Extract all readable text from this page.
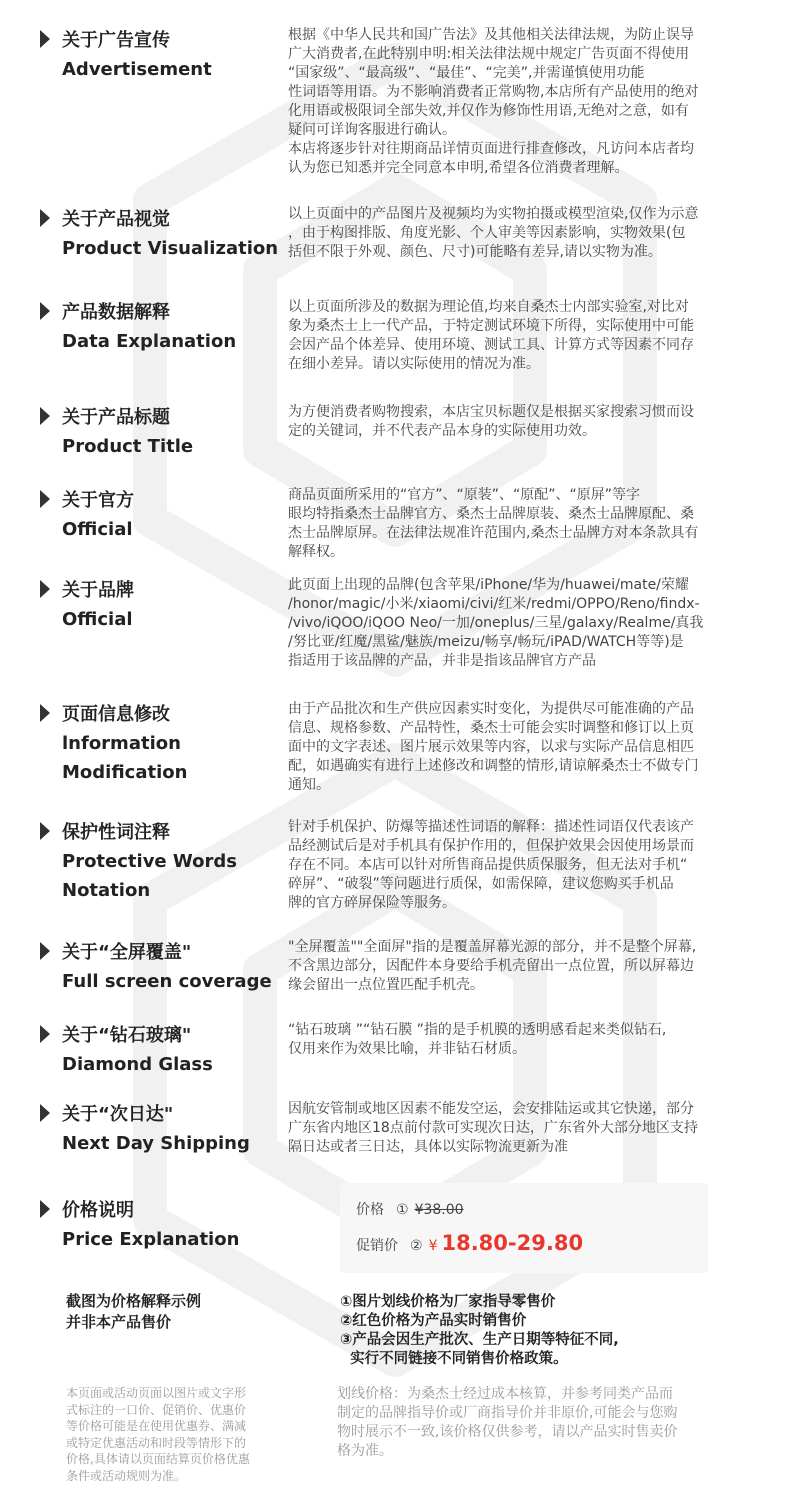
关于广告宣传
Advertisement

根据《中华人民共和国广告法》及其他相关法律法规，为防止误导

广大消费者,在此特别申明:相关法律法规中规定广告页面不得使用

“国家级”、“最高级”、“最佳”、“完美”,并需谨慎使用功能

性词语等用语。为不影响消费者正常购物,本店所有产品使用的绝对

化用语或极限词全部失效,并仅作为修饰性用语,无绝对之意，如有

疑问可详询客服进行确认。

本店将逐步针对往期商品详情页面进行排查修改，凡访问本店者均

认为您已知悉并完全同意本申明,希望各位消费者理解。

关于产品视觉
Product Visualization

以上页面中的产品图片及视频均为实物拍摄或模型渲染,仅作为示意

，由于构图排版、角度光影、个人审美等因素影响，实物效果(包

括但不限于外观、颜色、尺寸)可能略有差异,请以实物为准。

产品数据解释
Data Explanation

以上页面所涉及的数据为理论值,均来自桑杰士内部实验室,对比对

象为桑杰士上一代产品，于特定测试环境下所得，实际使用中可能

会因产品个体差异、使用环境、测试工具、计算方式等因素不同存

在细小差异。请以实际使用的情况为准。

关于产品标题
Product Title

为方便消费者购物搜索，本店宝贝标题仅是根据买家搜索习惯而设

定的关键词，并不代表产品本身的实际使用功效。

关于官方
Official

商品页面所采用的“官方”、“原装”、“原配”、“原屏”等字

眼均特指桑杰士品牌官方、桑杰士品牌原装、桑杰士品牌原配、桑

杰士品牌原屏。在法律法规准许范围内,桑杰士品牌方对本条款具有

解释权。

关于品牌
Official

此页面上出现的品牌(包含苹果/iPhone/华为/huawei/mate/荣耀

/honor/magic/小米/xiaomi/civi/红米/redmi/OPPO/Reno/findx-

/vivo/iQOO/iQOO Neo/一加/oneplus/三星/galaxy/Realme/真我

/努比亚/红魔/黑鲨/魅族/meizu/畅享/畅玩/iPAD/WATCH等等)是

指适用于该品牌的产品，并非是指该品牌官方产品

页面信息修改
lnformation
Modification

由于产品批次和生产供应因素实时变化，为提供尽可能准确的产品

信息、规格参数、产品特性，桑杰士可能会实时调整和修订以上页

面中的文字表述、图片展示效果等内容，以求与实际产品信息相匹

配，如遇确实有进行上述修改和调整的情形,请谅解桑杰士不做专门

通知。

保护性词注释
Protective Words
Notation

针对手机保护、防爆等描述性词语的解释：描述性词语仅代表该产

品经测试后是对手机具有保护作用的，但保护效果会因使用场景而

存在不同。本店可以针对所售商品提供质保服务，但无法对手机“

碎屏”、“破裂”等问题进行质保，如需保障，建议您购买手机品

牌的官方碎屏保险等服务。

关于“全屏覆盖"
Full screen coverage

"全屏覆盖""全面屏"指的是覆盖屏幕光源的部分，并不是整个屏幕,

不含黑边部分，因配件本身要给手机壳留出一点位置，所以屏幕边

缘会留出一点位置匹配手机壳。

关于“钻石玻璃"
Diamond Glass

“钻石玻璃 ”“钻石膜 ”指的是手机膜的透明感看起来类似钻石,

仅用来作为效果比喻，并非钻石材质。

关于“次日达"
Next Day Shipping

因航安管制或地区因素不能发空运，会安排陆运或其它快递，部分

广东省内地区18点前付款可实现次日达，广东省外大部分地区支持

隔日达或者三日达，具体以实际物流更新为准

价格说明
Price Explanation
价格 ① ¥38.00
促销价 ② ¥ 18.80-29.80

截图为价格解释示例

并非本产品售价

①图片划线价格为厂家指导零售价

②红色价格为产品实时销售价

③产品会因生产批次、生产日期等特征不同,

实行不同链接不同销售价格政策。

本页面或活动页面以图片或文字形

式标注的一口价、促销价、优惠价

等价格可能是在使用优惠券、满减

或特定优惠活动和时段等情形下的

价格,具体请以页面结算页价格优惠

条件或活动规则为准。

划线价格：为桑杰士经过成本核算，并参考同类产品而

制定的品牌指导价或厂商指导价并非原价,可能会与您购

物时展示不一致,该价格仅供参考，请以产品实时售卖价

格为准。
